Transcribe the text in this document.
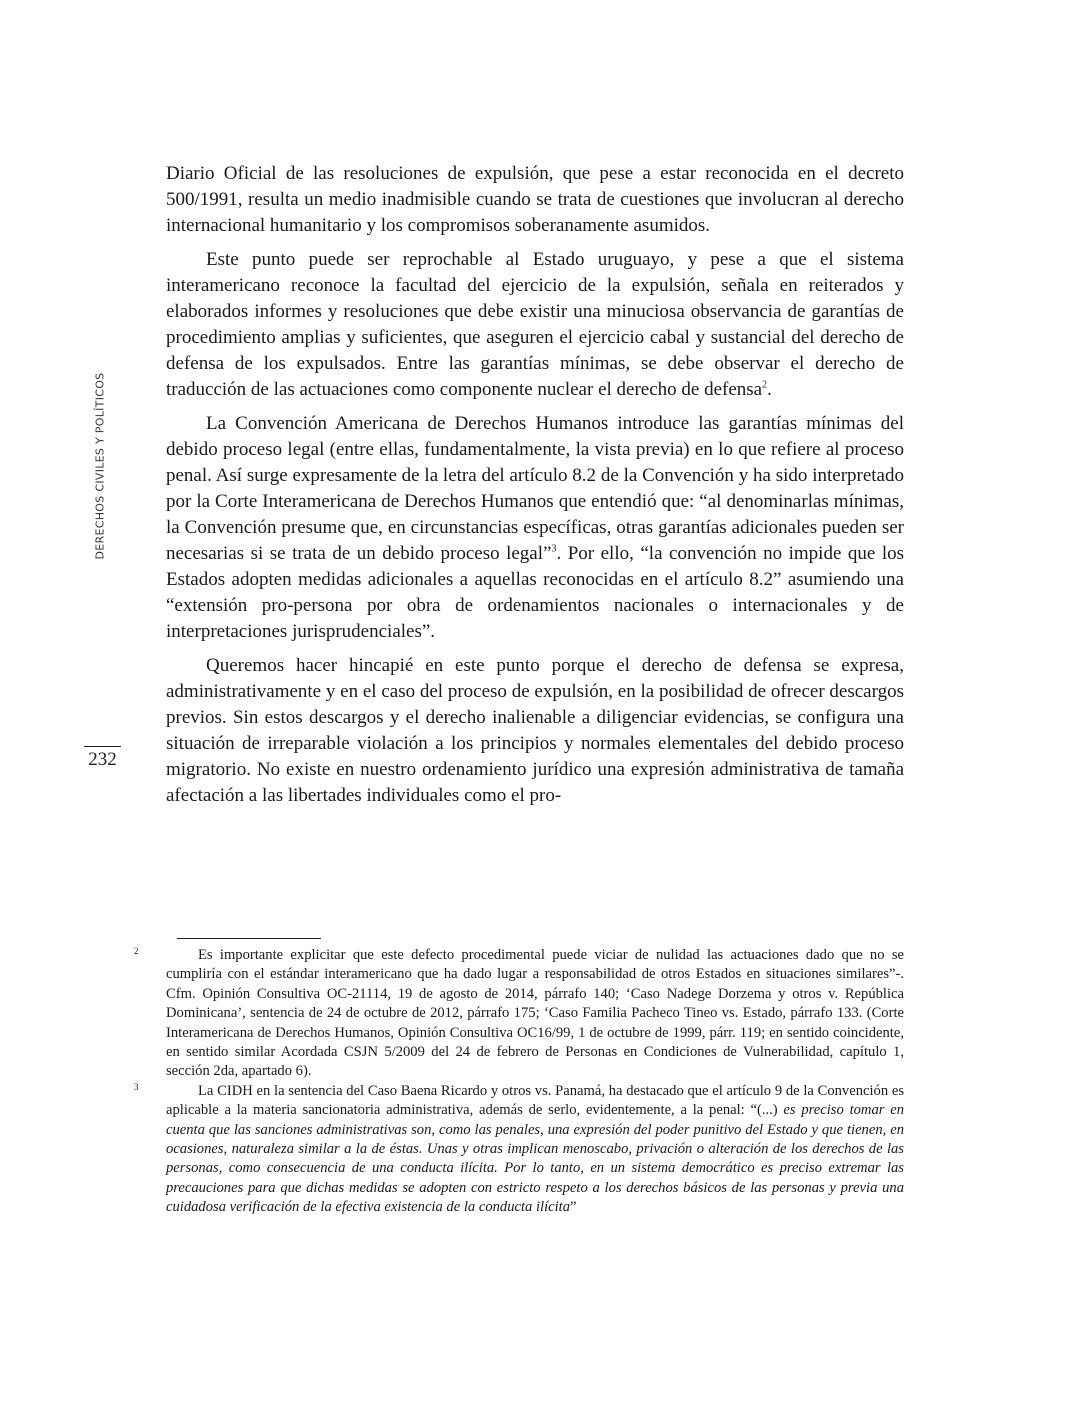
DERECHOS CIVILES Y POLÍTICOS
232

Diario Oficial de las resoluciones de expulsión, que pese a estar reconocida en el decreto 500/1991, resulta un medio inadmisible cuando se trata de cuestiones que involucran al derecho internacional humanitario y los compromisos soberanamente asumidos.

Este punto puede ser reprochable al Estado uruguayo, y pese a que el sistema interamericano reconoce la facultad del ejercicio de la expulsión, señala en reiterados y elaborados informes y resoluciones que debe existir una minuciosa observancia de garantías de procedimiento amplias y suficientes, que aseguren el ejercicio cabal y sustancial del derecho de defensa de los expulsados. Entre las garantías mínimas, se debe observar el derecho de traducción de las actuaciones como componente nuclear el derecho de defensa$^2$.

La Convención Americana de Derechos Humanos introduce las garantías mínimas del debido proceso legal (entre ellas, fundamentalmente, la vista previa) en lo que refiere al proceso penal. Así surge expresamente de la letra del artículo 8.2 de la Convención y ha sido interpretado por la Corte Interamericana de Derechos Humanos que entendió que: “al denominarlas mínimas, la Convención presume que, en circunstancias específicas, otras garantías adicionales pueden ser necesarias si se trata de un debido proceso legal”$^3$. Por ello, “la convención no impide que los Estados adopten medidas adicionales a aquellas reconocidas en el artículo 8.2” asumiendo una “extensión pro-persona por obra de ordenamientos nacionales o internacionales y de interpretaciones jurisprudenciales”.

Queremos hacer hincapié en este punto porque el derecho de defensa se expresa, administrativamente y en el caso del proceso de expulsión, en la posibilidad de ofrecer descargos previos. Sin estos descargos y el derecho inalienable a diligenciar evidencias, se configura una situación de irreparable violación a los principios y normales elementales del debido proceso migratorio. No existe en nuestro ordenamiento jurídico una expresión administrativa de tamaña afectación a las libertades individuales como el pro-

2	Es importante explicitar que este defecto procedimental puede viciar de nulidad las actuaciones dado que no se cumpliría con el estándar interamericano que ha dado lugar a responsabilidad de otros Estados en situaciones similares”-. Cfm. Opinión Consultiva OC-21114, 19 de agosto de 2014, párrafo 140; ‘Caso Nadege Dorzema y otros v. República Dominicana’, sentencia de 24 de octubre de 2012, párrafo 175; ‘Caso Familia Pacheco Tineo vs. Estado, párrafo 133. (Corte Interamericana de Derechos Humanos, Opinión Consultiva OC16/99, 1 de octubre de 1999, párr. 119; en sentido coincidente, en sentido similar Acordada CSJN 5/2009 del 24 de febrero de Personas en Condiciones de Vulnerabilidad, capítulo 1, sección 2da, apartado 6).

3	La CIDH en la sentencia del Caso Baena Ricardo y otros vs. Panamá, ha destacado que el artículo 9 de la Convención es aplicable a la materia sancionatoria administrativa, además de serlo, evidentemente, a la penal: “(...) es preciso tomar en cuenta que las sanciones administrativas son, como las penales, una expresión del poder punitivo del Estado y que tienen, en ocasiones, naturaleza similar a la de éstas. Unas y otras implican menoscabo, privación o alteración de los derechos de las personas, como consecuencia de una conducta ilícita. Por lo tanto, en un sistema democrático es preciso extremar las precauciones para que dichas medidas se adopten con estricto respeto a los derechos básicos de las personas y previa una cuidadosa verificación de la efectiva existencia de la conducta ilícita”
